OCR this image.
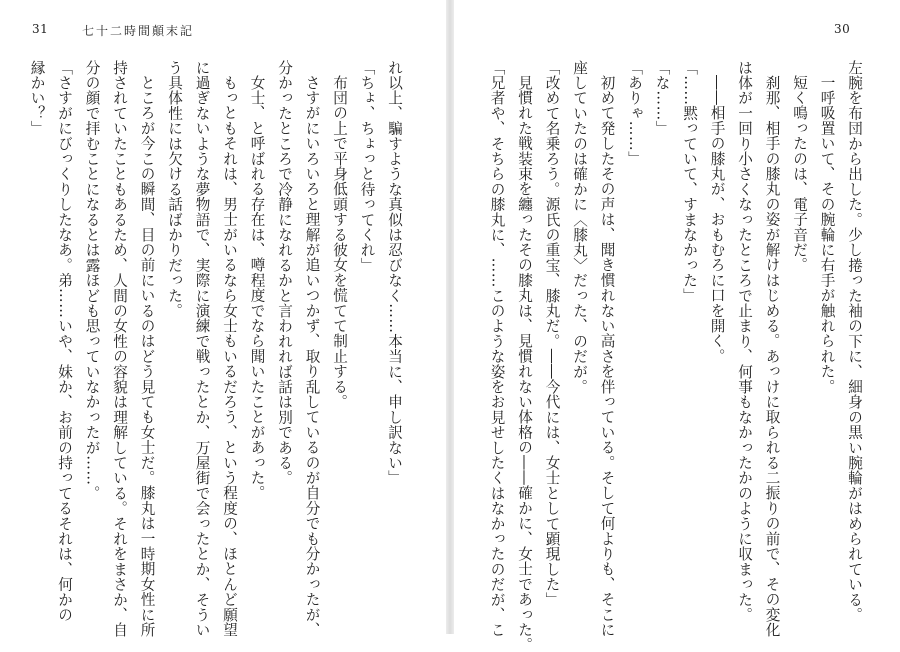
31	七十二時間顛末記

れ以上、騙すような真似は忍びなく……本当に、申し訳ない」

「ちょ、ちょっと待ってくれ」

布団の上で平身低頭する彼女を慌てて制止する。

さすがにいろいろと理解が追いつかず、取り乱しているのが自分でも分かったが、

分かったところで冷静になれるかと言われれば話は別である。

女士、と呼ばれる存在は、噂程度でなら聞いたことがあった。

もっともそれは、男士がいるなら女士もいるだろう、という程度の、ほとんど願望

に過ぎないような夢物語で、実際に演練で戦ったとか、万屋街で会ったとか、そうい

う具体性には欠ける話ばかりだった。

ところが今この瞬間、目の前にいるのはどう見ても女士だ。膝丸は一時期女性に所

持されていたこともあるため、人間の女性の容貌は理解している。それをまさか、自

分の顔で拝むことになるとは露ほども思っていなかったが……。

「さすがにびっくりしたなあ。弟……いや、妹か、お前の持ってるそれは、何かの

縁かい？」

30

左腕を布団から出した。少し捲った袖の下に、細身の黒い腕輪がはめられている。

一呼吸置いて、その腕輪に右手が触れられた。

短く鳴ったのは、電子音だ。

刹那、相手の膝丸の姿が解けはじめる。あっけに取られる二振りの前で、その変化

は体が一回り小さくなったところで止まり、何事もなかったかのように収まった。

――相手の膝丸が、おもむろに口を開く。

「……黙っていて、すまなかった」

「な……」

「ありゃ……」

初めて発したその声は、聞き慣れない高さを伴っている。そして何よりも、そこに

座していたのは確かに〈膝丸〉だった、のだが。

「改めて名乗ろう。源氏の重宝、膝丸だ。――今代には、女士として顕現した」

見慣れた戦装束を纏ったその膝丸は、見慣れない体格の――確かに、女士であった。

「兄者や、そちらの膝丸に、……このような姿をお見せしたくはなかったのだが、こ
